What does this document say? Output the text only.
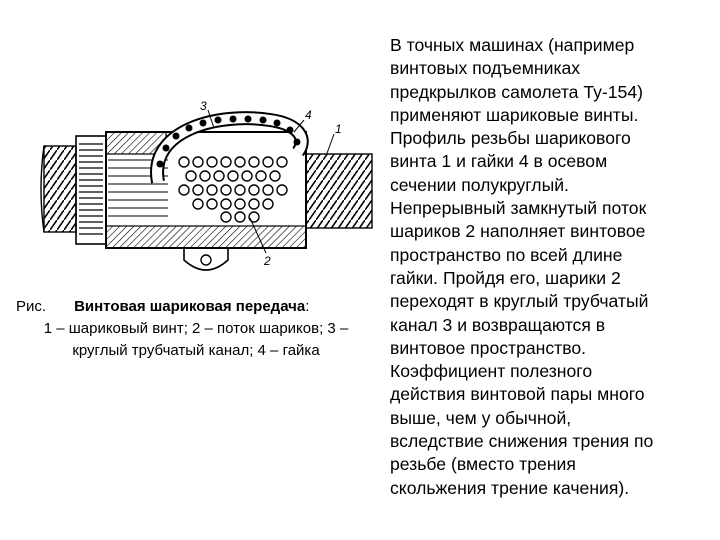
3
4
1
2
Рис. Винтовая шариковая передача:
1 – шариковый винт; 2 – поток шариков; 3 –
круглый трубчатый канал; 4 – гайка
В точных машинах (например
винтовых подъемниках
предкрылков самолета Ту-154)
применяют шариковые винты.
Профиль резьбы шарикового
винта 1 и гайки 4 в осевом
сечении полукруглый.
Непрерывный замкнутый поток
шариков 2 наполняет винтовое
пространство по всей длине
гайки. Пройдя его, шарики 2
переходят в круглый трубчатый
канал 3 и возвращаются в
винтовое пространство.
Коэффициент полезного
действия винтовой пары много
выше, чем у обычной,
вследствие снижения трения по
резьбе (вместо трения
скольжения трение качения).
